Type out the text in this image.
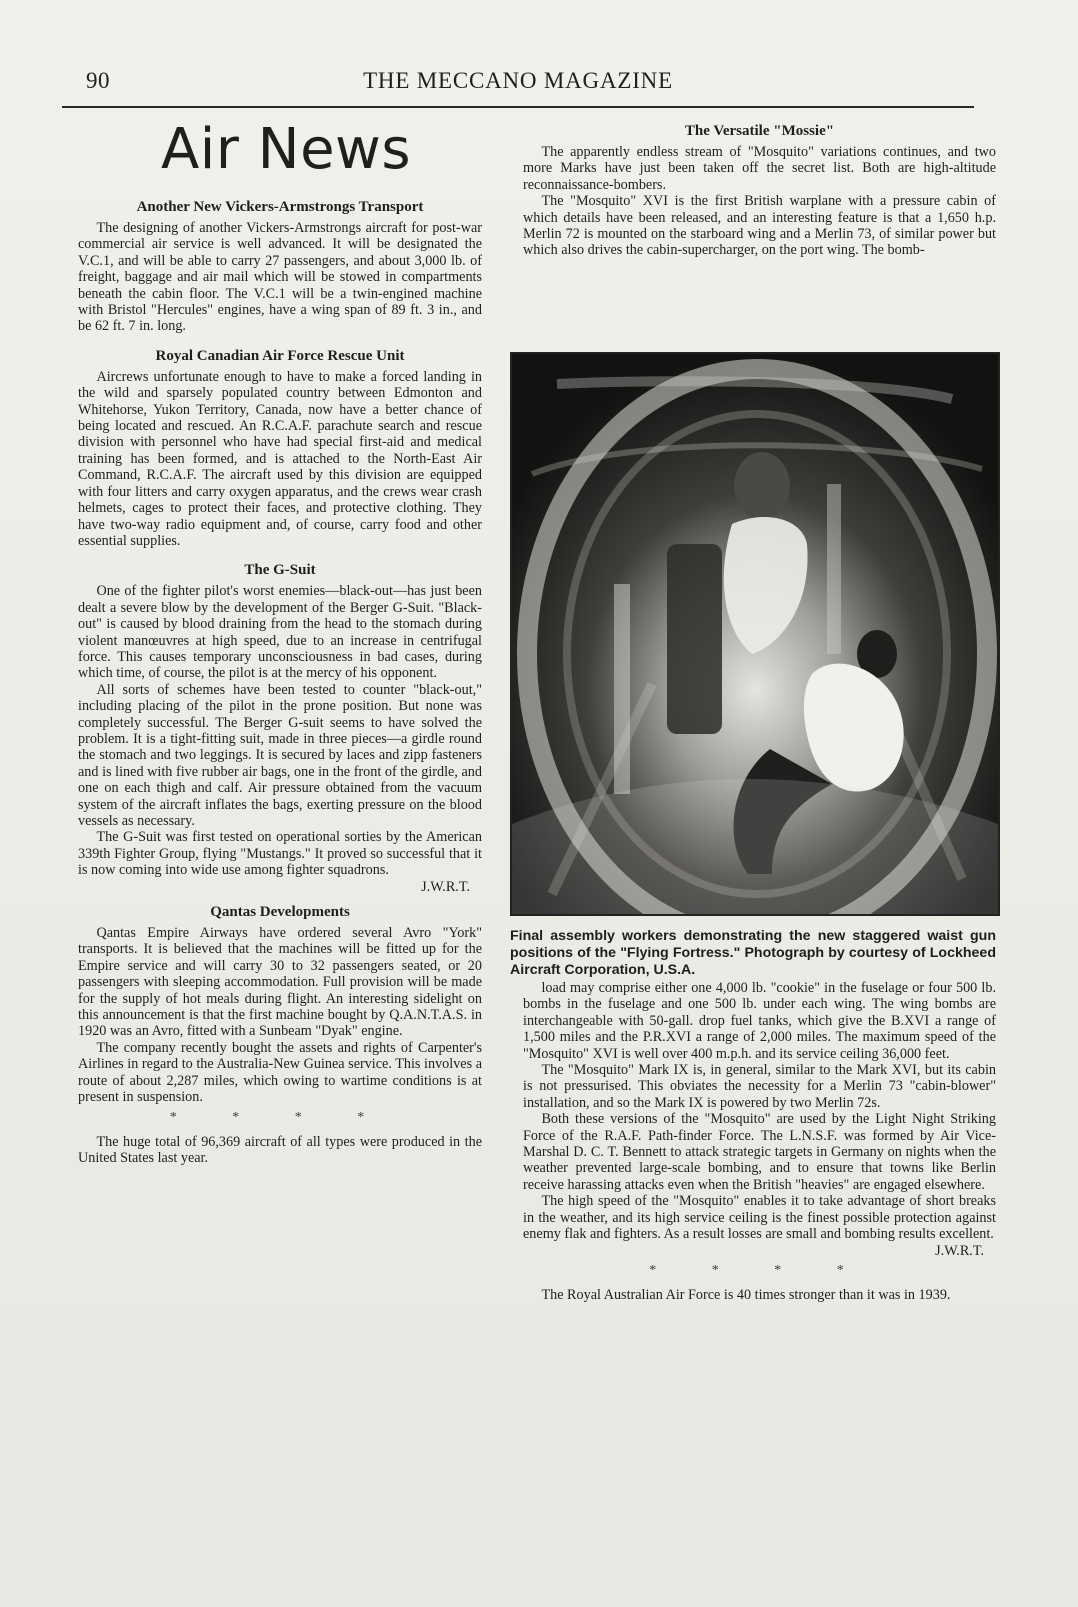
90	THE MECCANO MAGAZINE
Air News
Another New Vickers-Armstrongs Transport

The designing of another Vickers-Armstrongs aircraft for post-war commercial air service is well advanced. It will be designated the V.C.1, and will be able to carry 27 passengers, and about 3,000 lb. of freight, baggage and air mail which will be stowed in compartments beneath the cabin floor. The V.C.1 will be a twin-engined machine with Bristol "Hercules" engines, have a wing span of 89 ft. 3 in., and be 62 ft. 7 in. long.

Royal Canadian Air Force Rescue Unit

Aircrews unfortunate enough to have to make a forced landing in the wild and sparsely populated country between Edmonton and Whitehorse, Yukon Territory, Canada, now have a better chance of being located and rescued. An R.C.A.F. parachute search and rescue division with personnel who have had special first-aid and medical training has been formed, and is attached to the North-East Air Command, R.C.A.F. The aircraft used by this division are equipped with four litters and carry oxygen apparatus, and the crews wear crash helmets, cages to protect their faces, and protective clothing. They have two-way radio equipment and, of course, carry food and other essential supplies.

The G-Suit

One of the fighter pilot's worst enemies—black-out—has just been dealt a severe blow by the development of the Berger G-Suit. "Black-out" is caused by blood draining from the head to the stomach during violent manœuvres at high speed, due to an increase in centrifugal force. This causes temporary unconsciousness in bad cases, during which time, of course, the pilot is at the mercy of his opponent.

All sorts of schemes have been tested to counter "black-out," including placing of the pilot in the prone position. But none was completely successful. The Berger G-suit seems to have solved the problem. It is a tight-fitting suit, made in three pieces—a girdle round the stomach and two leggings. It is secured by laces and zipp fasteners and is lined with five rubber air bags, one in the front of the girdle, and one on each thigh and calf. Air pressure obtained from the vacuum system of the aircraft inflates the bags, exerting pressure on the blood vessels as necessary.

The G-Suit was first tested on operational sorties by the American 339th Fighter Group, flying "Mustangs." It proved so successful that it is now coming into wide use among fighter squadrons.

J.W.R.T.

Qantas Developments

Qantas Empire Airways have ordered several Avro "York" transports. It is believed that the machines will be fitted up for the Empire service and will carry 30 to 32 passengers seated, or 20 passengers with sleeping accommodation. Full provision will be made for the supply of hot meals during flight. An interesting sidelight on this announcement is that the first machine bought by Q.A.N.T.A.S. in 1920 was an Avro, fitted with a Sunbeam "Dyak" engine.

The company recently bought the assets and rights of Carpenter's Airlines in regard to the Australia-New Guinea service. This involves a route of about 2,287 miles, which owing to wartime conditions is at present in suspension.

* * * *

The huge total of 96,369 aircraft of all types were produced in the United States last year.

The Versatile "Mossie"

The apparently endless stream of "Mosquito" variations continues, and two more Marks have just been taken off the secret list. Both are high-altitude reconnaissance-bombers.

The "Mosquito" XVI is the first British warplane with a pressure cabin of which details have been released, and an interesting feature is that a 1,650 h.p. Merlin 72 is mounted on the starboard wing and a Merlin 73, of similar power but which also drives the cabin-supercharger, on the port wing. The bomb-

Final assembly workers demonstrating the new staggered waist gun positions of the "Flying Fortress." Photograph by courtesy of Lockheed Aircraft Corporation, U.S.A.

load may comprise either one 4,000 lb. "cookie" in the fuselage or four 500 lb. bombs in the fuselage and one 500 lb. under each wing. The wing bombs are interchangeable with 50-gall. drop fuel tanks, which give the B.XVI a range of 1,500 miles and the P.R.XVI a range of 2,000 miles. The maximum speed of the "Mosquito" XVI is well over 400 m.p.h. and its service ceiling 36,000 feet.

The "Mosquito" Mark IX is, in general, similar to the Mark XVI, but its cabin is not pressurised. This obviates the necessity for a Merlin 73 "cabin-blower" installation, and so the Mark IX is powered by two Merlin 72s.

Both these versions of the "Mosquito" are used by the Light Night Striking Force of the R.A.F. Path-finder Force. The L.N.S.F. was formed by Air Vice-Marshal D. C. T. Bennett to attack strategic targets in Germany on nights when the weather prevented large-scale bombing, and to ensure that towns like Berlin receive harassing attacks even when the British "heavies" are engaged elsewhere.

The high speed of the "Mosquito" enables it to take advantage of short breaks in the weather, and its high service ceiling is the finest possible protection against enemy flak and fighters. As a result losses are small and bombing results excellent.

J.W.R.T.

* * * *

The Royal Australian Air Force is 40 times stronger than it was in 1939.
